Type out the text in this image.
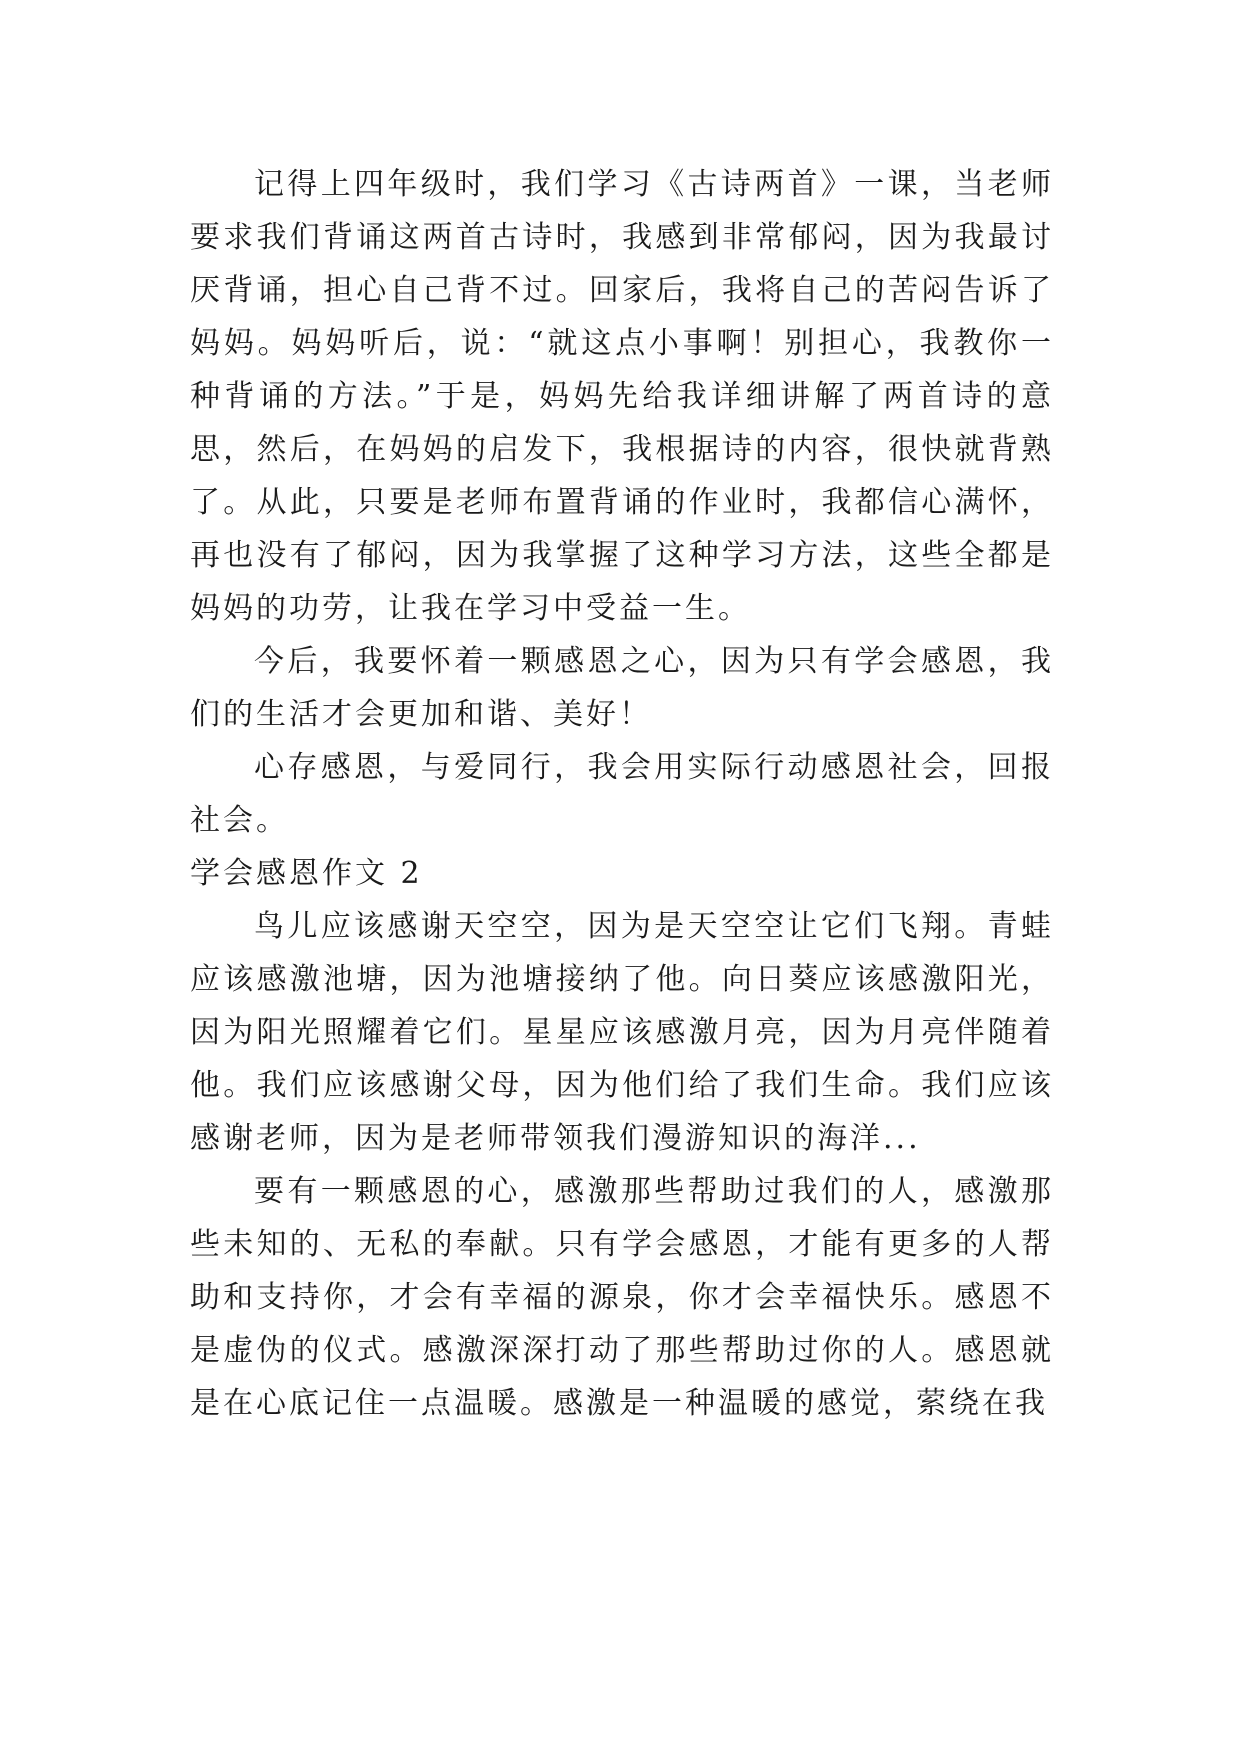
记得上四年级时，我们学习《古诗两首》一课，当老师要求我们背诵这两首古诗时，我感到非常郁闷，因为我最讨厌背诵，担心自己背不过。回家后，我将自己的苦闷告诉了妈妈。妈妈听后，说：“就这点小事啊！别担心，我教你一种背诵的方法。”于是，妈妈先给我详细讲解了两首诗的意思，然后，在妈妈的启发下，我根据诗的内容，很快就背熟了。从此，只要是老师布置背诵的作业时，我都信心满怀，再也没有了郁闷，因为我掌握了这种学习方法，这些全都是妈妈的功劳，让我在学习中受益一生。

今后，我要怀着一颗感恩之心，因为只有学会感恩，我们的生活才会更加和谐、美好！

心存感恩，与爱同行，我会用实际行动感恩社会，回报社会。

学会感恩作文 2

鸟儿应该感谢天空空，因为是天空空让它们飞翔。青蛙应该感激池塘，因为池塘接纳了他。向日葵应该感激阳光，因为阳光照耀着它们。星星应该感激月亮，因为月亮伴随着他。我们应该感谢父母，因为他们给了我们生命。我们应该感谢老师，因为是老师带领我们漫游知识的海洋...

要有一颗感恩的心，感激那些帮助过我们的人，感激那些未知的、无私的奉献。只有学会感恩，才能有更多的人帮助和支持你，才会有幸福的源泉，你才会幸福快乐。感恩不是虚伪的仪式。感激深深打动了那些帮助过你的人。感恩就是在心底记住一点温暖。感激是一种温暖的感觉，萦绕在我
